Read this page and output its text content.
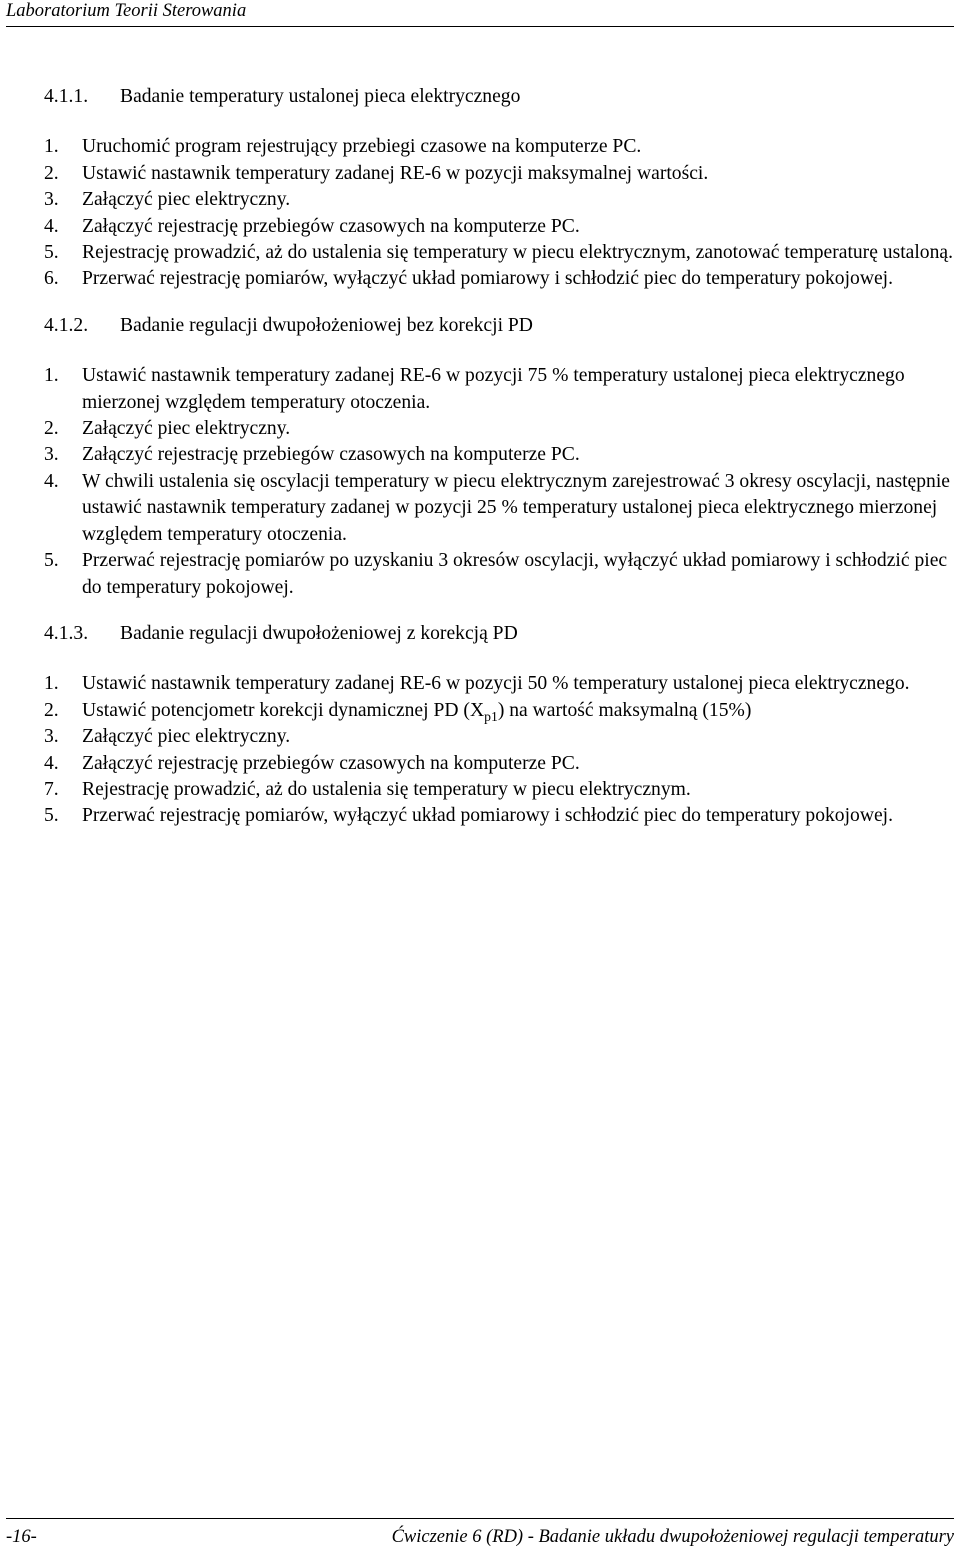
Laboratorium Teorii Sterowania
4.1.1.	Badanie temperatury ustalonej pieca elektrycznego
1.	Uruchomić program rejestrujący przebiegi czasowe na komputerze PC.
2.	Ustawić nastawnik temperatury zadanej RE-6 w pozycji maksymalnej wartości.
3.	Załączyć piec elektryczny.
4.	Załączyć rejestrację przebiegów czasowych na komputerze PC.
5.	Rejestrację prowadzić, aż do ustalenia się temperatury w piecu elektrycznym, zanotować temperaturę ustaloną.
6.	Przerwać rejestrację pomiarów, wyłączyć układ pomiarowy i schłodzić piec do temperatury pokojowej.
4.1.2.	Badanie regulacji dwupołożeniowej bez korekcji PD
1.	Ustawić nastawnik temperatury zadanej RE-6 w pozycji 75 % temperatury ustalonej pieca elektrycznego mierzonej względem temperatury otoczenia.
2.	Załączyć piec elektryczny.
3.	Załączyć rejestrację przebiegów czasowych na komputerze PC.
4.	W chwili ustalenia się oscylacji temperatury w piecu elektrycznym zarejestrować 3 okresy oscylacji, następnie ustawić nastawnik temperatury zadanej w pozycji 25 % temperatury ustalonej pieca elektrycznego mierzonej względem temperatury otoczenia.
5.	Przerwać rejestrację pomiarów po uzyskaniu 3 okresów oscylacji, wyłączyć układ pomiarowy i schłodzić piec do temperatury pokojowej.
4.1.3.	Badanie regulacji dwupołożeniowej z korekcją PD
1.	Ustawić nastawnik temperatury zadanej RE-6 w pozycji 50 % temperatury ustalonej pieca elektrycznego.
2.	Ustawić potencjometr korekcji dynamicznej PD $(X_{p1})$ na wartość maksymalną (15%)
3.	Załączyć piec elektryczny.
4.	Załączyć rejestrację przebiegów czasowych na komputerze PC.
7.	Rejestrację prowadzić, aż do ustalenia się temperatury w piecu elektrycznym.
5.	Przerwać rejestrację pomiarów, wyłączyć układ pomiarowy i schłodzić piec do temperatury pokojowej.
-16-	Ćwiczenie 6 (RD) - Badanie układu dwupołożeniowej regulacji temperatury
